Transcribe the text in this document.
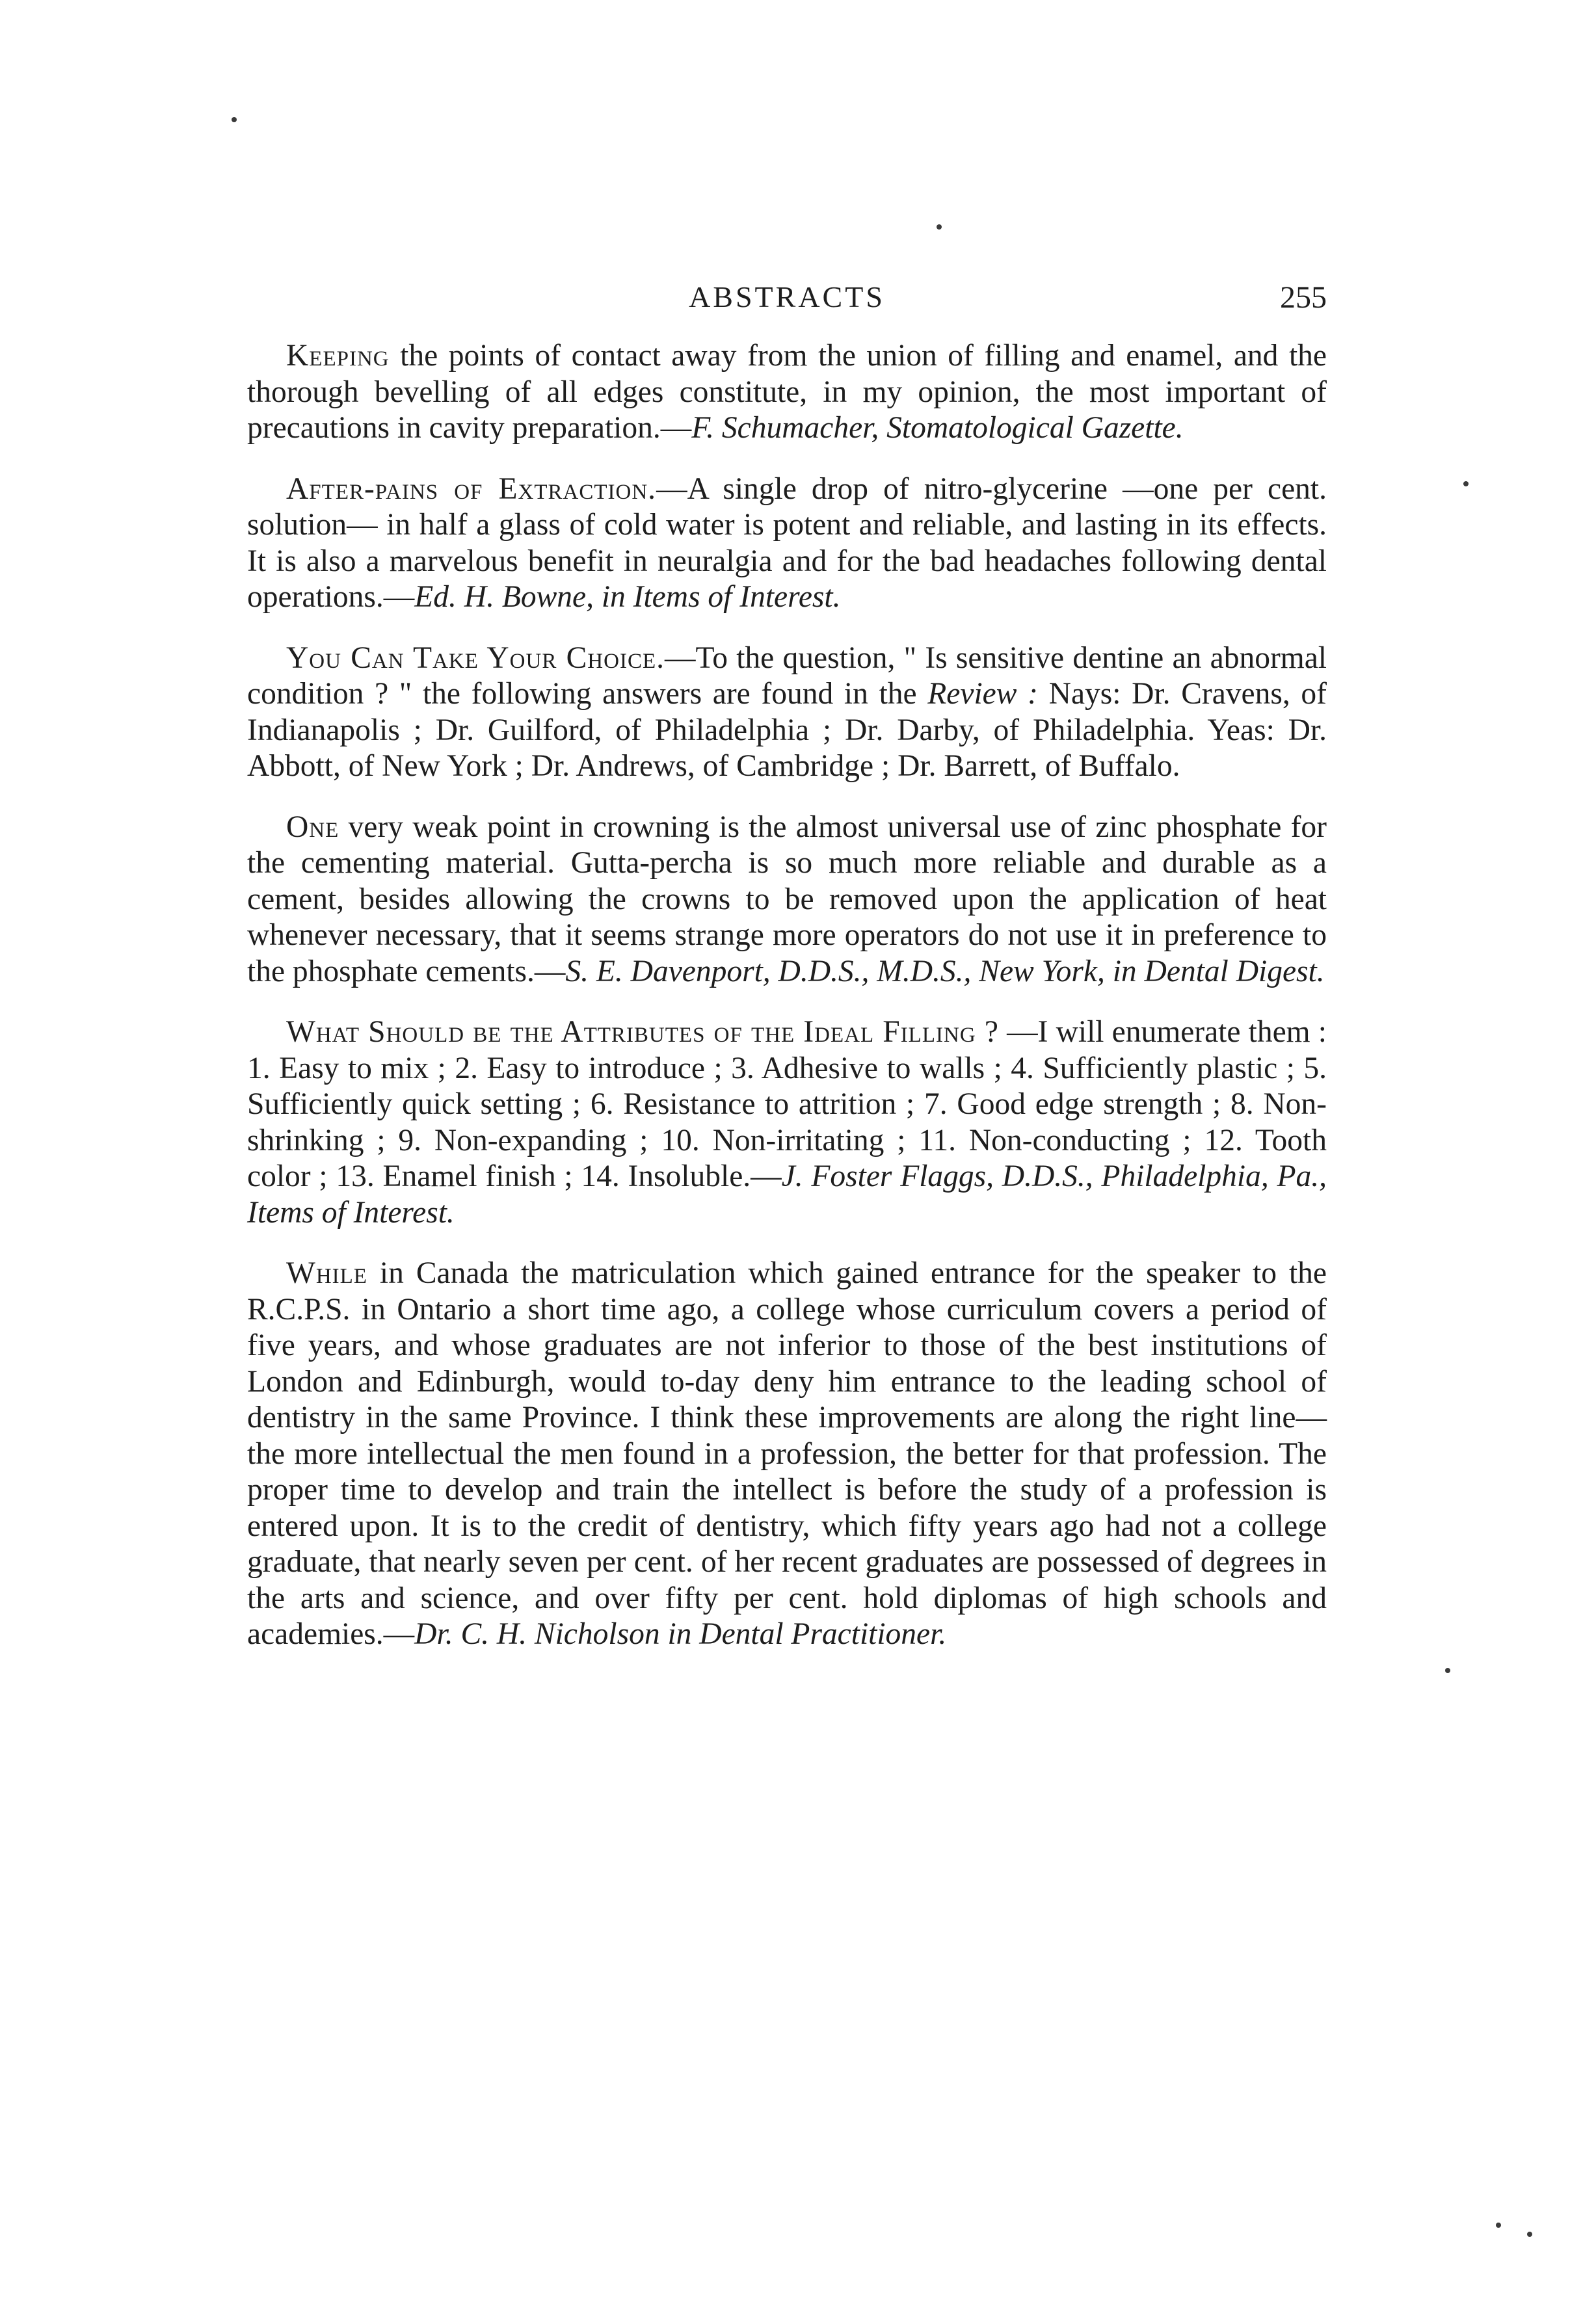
ABSTRACTS	255

Keeping the points of contact away from the union of filling and enamel, and the thorough bevelling of all edges constitute, in my opinion, the most important of precautions in cavity preparation.—F. Schumacher, Stomatological Gazette.

After-pains of Extraction.—A single drop of nitro-glycerine —one per cent. solution— in half a glass of cold water is potent and reliable, and lasting in its effects. It is also a marvelous benefit in neuralgia and for the bad headaches following dental operations.—Ed. H. Bowne, in Items of Interest.

You Can Take Your Choice.—To the question, " Is sensitive dentine an abnormal condition ? " the following answers are found in the Review : Nays: Dr. Cravens, of Indianapolis ; Dr. Guilford, of Philadelphia ; Dr. Darby, of Philadelphia. Yeas: Dr. Abbott, of New York ; Dr. Andrews, of Cambridge ; Dr. Barrett, of Buffalo.

One very weak point in crowning is the almost universal use of zinc phosphate for the cementing material. Gutta-percha is so much more reliable and durable as a cement, besides allowing the crowns to be removed upon the application of heat whenever necessary, that it seems strange more operators do not use it in preference to the phosphate cements.—S. E. Davenport, D.D.S., M.D.S., New York, in Dental Digest.

What Should be the Attributes of the Ideal Filling ? —I will enumerate them : 1. Easy to mix ; 2. Easy to introduce ; 3. Adhesive to walls ; 4. Sufficiently plastic ; 5. Sufficiently quick setting ; 6. Resistance to attrition ; 7. Good edge strength ; 8. Non-shrinking ; 9. Non-expanding ; 10. Non-irritating ; 11. Non-conducting ; 12. Tooth color ; 13. Enamel finish ; 14. Insoluble.—J. Foster Flaggs, D.D.S., Philadelphia, Pa., Items of Interest.

While in Canada the matriculation which gained entrance for the speaker to the R.C.P.S. in Ontario a short time ago, a college whose curriculum covers a period of five years, and whose graduates are not inferior to those of the best institutions of London and Edinburgh, would to-day deny him entrance to the leading school of dentistry in the same Province. I think these improvements are along the right line—the more intellectual the men found in a profession, the better for that profession. The proper time to develop and train the intellect is before the study of a profession is entered upon. It is to the credit of dentistry, which fifty years ago had not a college graduate, that nearly seven per cent. of her recent graduates are possessed of degrees in the arts and science, and over fifty per cent. hold diplomas of high schools and academies.—Dr. C. H. Nicholson in Dental Practitioner.
